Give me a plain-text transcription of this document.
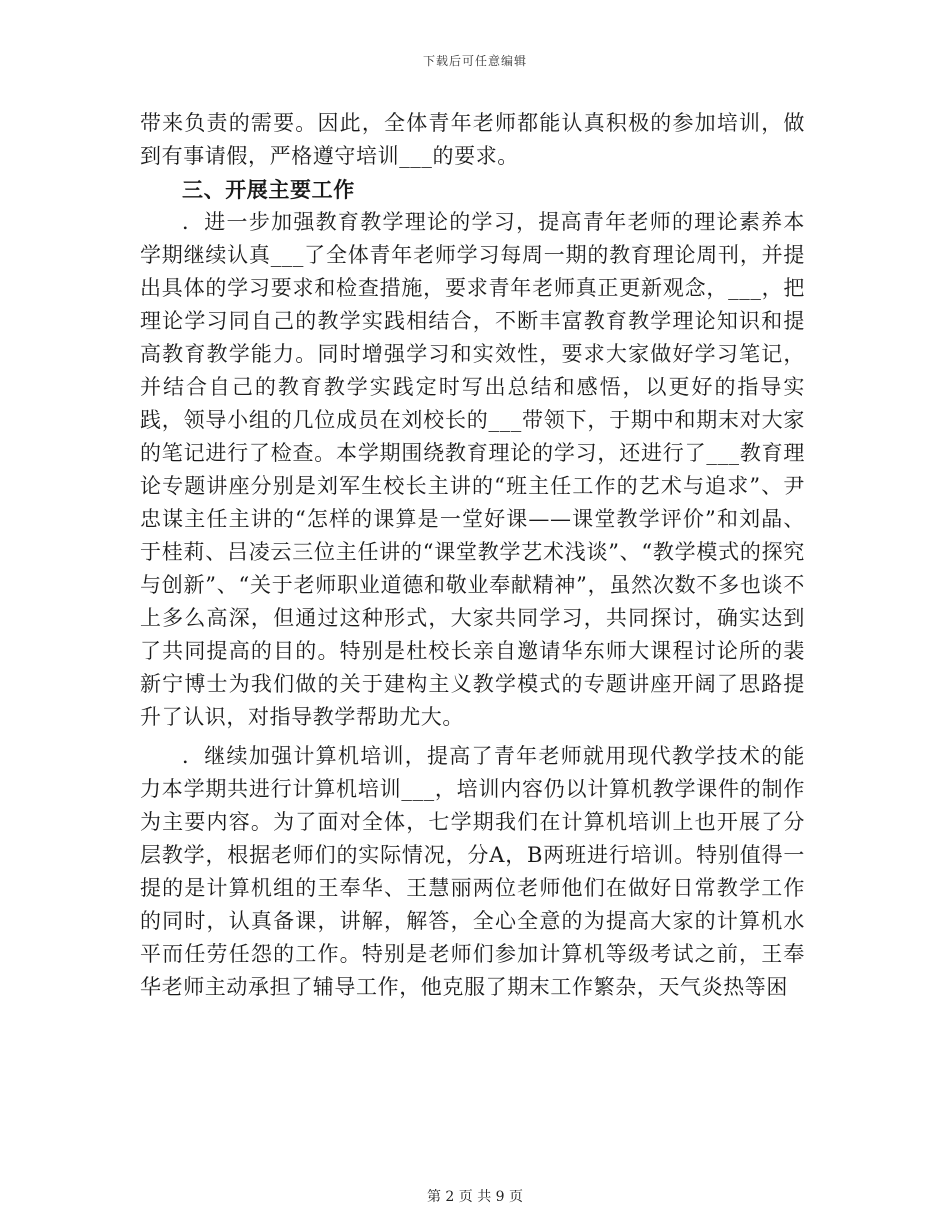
下载后可任意编辑

带来负责的需要。因此，全体青年老师都能认真积极的参加培训，做到有事请假，严格遵守培训___的要求。

三、开展主要工作

．进一步加强教育教学理论的学习，提高青年老师的理论素养本学期继续认真___了全体青年老师学习每周一期的教育理论周刊，并提出具体的学习要求和检查措施，要求青年老师真正更新观念，___，把理论学习同自己的教学实践相结合，不断丰富教育教学理论知识和提高教育教学能力。同时增强学习和实效性，要求大家做好学习笔记，并结合自己的教育教学实践定时写出总结和感悟，以更好的指导实践，领导小组的几位成员在刘校长的___带领下，于期中和期末对大家的笔记进行了检查。本学期围绕教育理论的学习，还进行了___教育理论专题讲座分别是刘军生校长主讲的“班主任工作的艺术与追求”、尹忠谋主任主讲的“怎样的课算是一堂好课——课堂教学评价”和刘晶、于桂莉、吕凌云三位主任讲的“课堂教学艺术浅谈”、“教学模式的探究与创新”、“关于老师职业道德和敬业奉献精神”，虽然次数不多也谈不上多么高深，但通过这种形式，大家共同学习，共同探讨，确实达到了共同提高的目的。特别是杜校长亲自邀请华东师大课程讨论所的裴新宁博士为我们做的关于建构主义教学模式的专题讲座开阔了思路提升了认识，对指导教学帮助尤大。

．继续加强计算机培训，提高了青年老师就用现代教学技术的能力本学期共进行计算机培训___，培训内容仍以计算机教学课件的制作为主要内容。为了面对全体，七学期我们在计算机培训上也开展了分层教学，根据老师们的实际情况，分A，B两班进行培训。特别值得一提的是计算机组的王奉华、王慧丽两位老师他们在做好日常教学工作的同时，认真备课，讲解，解答，全心全意的为提高大家的计算机水平而任劳任怨的工作。特别是老师们参加计算机等级考试之前，王奉华老师主动承担了辅导工作，他克服了期末工作繁杂，天气炎热等困

第 2 页 共 9 页
